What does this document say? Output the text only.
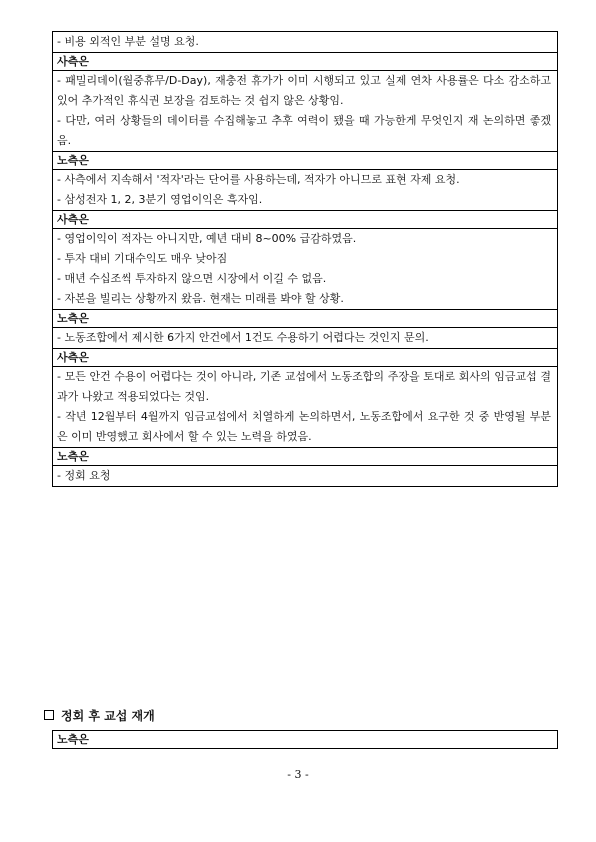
- 비용 외적인 부분 설명 요청.

사측은

- 패밀리데이(월중휴무/D-Day), 재충전 휴가가 이미 시행되고 있고 실제 연차 사용률은 다소 감소하고 있어 추가적인 휴식권 보장을 검토하는 것 쉽지 않은 상황임.

- 다만, 여러 상황들의 데이터를 수집해놓고 추후 여력이 됐을 때 가능한게 무엇인지 재 논의하면 좋겠음.

노측은

- 사측에서 지속해서 '적자'라는 단어를 사용하는데, 적자가 아니므로 표현 자제 요청.

- 삼성전자 1, 2, 3분기 영업이익은 흑자임.

사측은

- 영업이익이 적자는 아니지만, 예년 대비 8~00% 급감하였음.

- 투자 대비 기대수익도 매우 낮아짐

- 매년 수십조씩 투자하지 않으면 시장에서 이길 수 없음.

- 자본을 빌리는 상황까지 왔음. 현재는 미래를 봐야 할 상황.

노측은

- 노동조합에서 제시한 6가지 안건에서 1건도 수용하기 어렵다는 것인지 문의.

사측은

- 모든 안건 수용이 어렵다는 것이 아니라, 기존 교섭에서 노동조합의 주장을 토대로 회사의 임금교섭 결과가 나왔고 적용되었다는 것임.

- 작년 12월부터 4월까지 임금교섭에서 치열하게 논의하면서, 노동조합에서 요구한 것 중 반영될 부분은 이미 반영했고 회사에서 할 수 있는 노력을 하였음.

노측은

- 정회 요청

정회 후 교섭 재개
노측은
- 3 -
